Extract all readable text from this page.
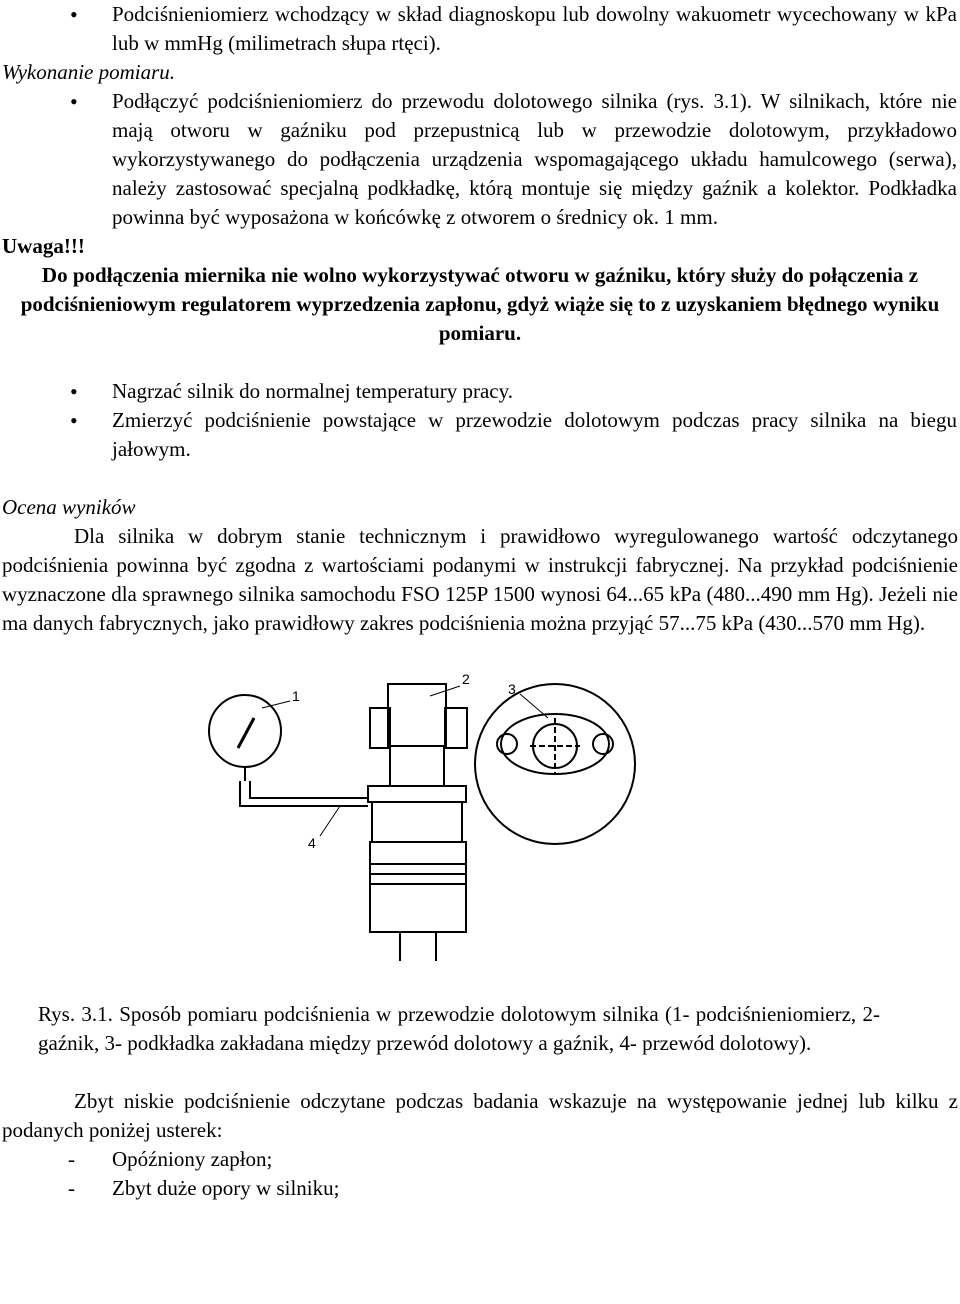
• Podciśnieniomierz wchodzący w skład diagnoskopu lub dowolny wakuometr wycechowany w kPa lub w mmHg (milimetrach słupa rtęci).

Wykonanie pomiaru.

• Podłączyć podciśnieniomierz do przewodu dolotowego silnika (rys. 3.1). W silnikach, które nie mają otworu w gaźniku pod przepustnicą lub w przewodzie dolotowym, przykładowo wykorzystywanego do podłączenia urządzenia wspomagającego układu hamulcowego (serwa), należy zastosować specjalną podkładkę, którą montuje się między gaźnik a kolektor. Podkładka powinna być wyposażona w końcówkę z otworem o średnicy ok. 1 mm.

Uwaga!!!

Do podłączenia miernika nie wolno wykorzystywać otworu w gaźniku, który służy do połączenia z podciśnieniowym regulatorem wyprzedzenia zapłonu, gdyż wiąże się to z uzyskaniem błędnego wyniku pomiaru.

• Nagrzać silnik do normalnej temperatury pracy.
• Zmierzyć podciśnienie powstające w przewodzie dolotowym podczas pracy silnika na biegu jałowym.

Ocena wyników

Dla silnika w dobrym stanie technicznym i prawidłowo wyregulowanego wartość odczytanego podciśnienia powinna być zgodna z wartościami podanymi w instrukcji fabrycznej. Na przykład podciśnienie wyznaczone dla sprawnego silnika samochodu FSO 125P 1500 wynosi 64...65 kPa (480...490 mm Hg). Jeżeli nie ma danych fabrycznych, jako prawidłowy zakres podciśnienia można przyjąć 57...75 kPa (430...570 mm Hg).

1
2
3
4

Rys. 3.1. Sposób pomiaru podciśnienia w przewodzie dolotowym silnika (1- podciśnieniomierz, 2- gaźnik, 3- podkładka zakładana między przewód dolotowy a gaźnik, 4- przewód dolotowy).

Zbyt niskie podciśnienie odczytane podczas badania wskazuje na występowanie jednej lub kilku z podanych poniżej usterek:

- Opóźniony zapłon;
- Zbyt duże opory w silniku;
